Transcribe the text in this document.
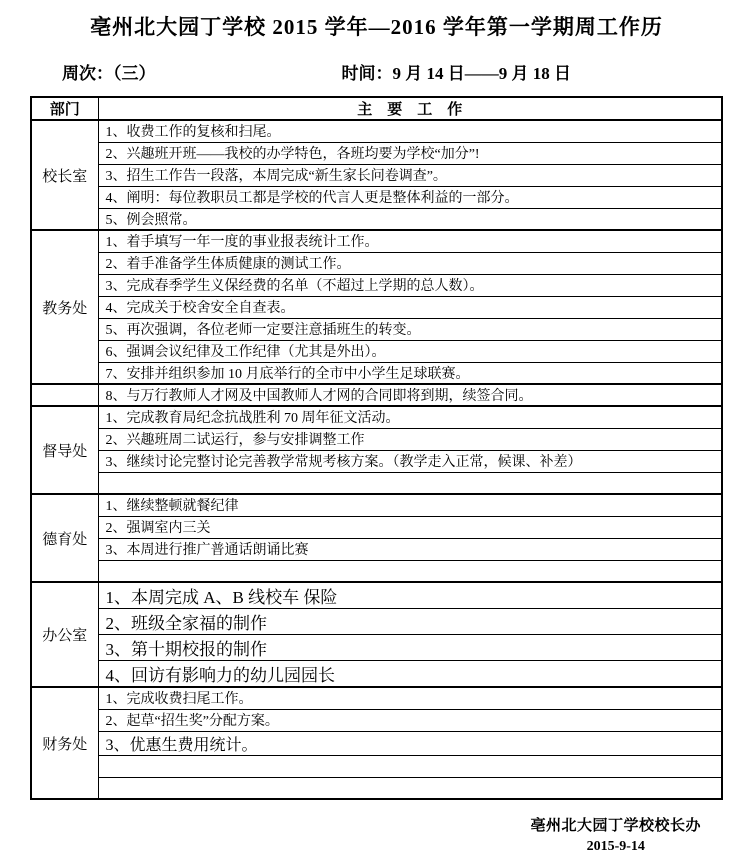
亳州北大园丁学校 2015 学年—2016 学年第一学期周工作历
周次：（三）	时间：9 月 14 日——9 月 18 日
部门	主　要　工　作
校长室	1、收费工作的复核和扫尾。
	2、兴趣班开班——我校的办学特色，各班均要为学校“加分”!
	3、招生工作告一段落，本周完成“新生家长问卷调查”。
	4、阐明：每位教职员工都是学校的代言人更是整体利益的一部分。
	5、例会照常。
教务处	1、着手填写一年一度的事业报表统计工作。
	2、着手准备学生体质健康的测试工作。
	3、完成春季学生义保经费的名单（不超过上学期的总人数）。
	4、完成关于校舍安全自查表。
	5、再次强调，各位老师一定要注意插班生的转变。
	6、强调会议纪律及工作纪律（尤其是外出）。
	7、安排并组织参加 10 月底举行的全市中小学生足球联赛。
	8、与万行教师人才网及中国教师人才网的合同即将到期，续签合同。
督导处	1、完成教育局纪念抗战胜利 70 周年征文活动。
	2、兴趣班周二试运行，参与安排调整工作
	3、继续讨论完整讨论完善教学常规考核方案。（教学走入正常，候课、补差）

德育处	1、继续整顿就餐纪律
	2、强调室内三关
	3、本周进行推广普通话朗诵比赛

办公室	1、本周完成 A、B 线校车 保险
	2、班级全家福的制作
	3、第十期校报的制作
	4、回访有影响力的幼儿园园长
财务处	1、完成收费扫尾工作。
	2、起草“招生奖”分配方案。
	3、优惠生费用统计。

亳州北大园丁学校校长办
2015-9-14
